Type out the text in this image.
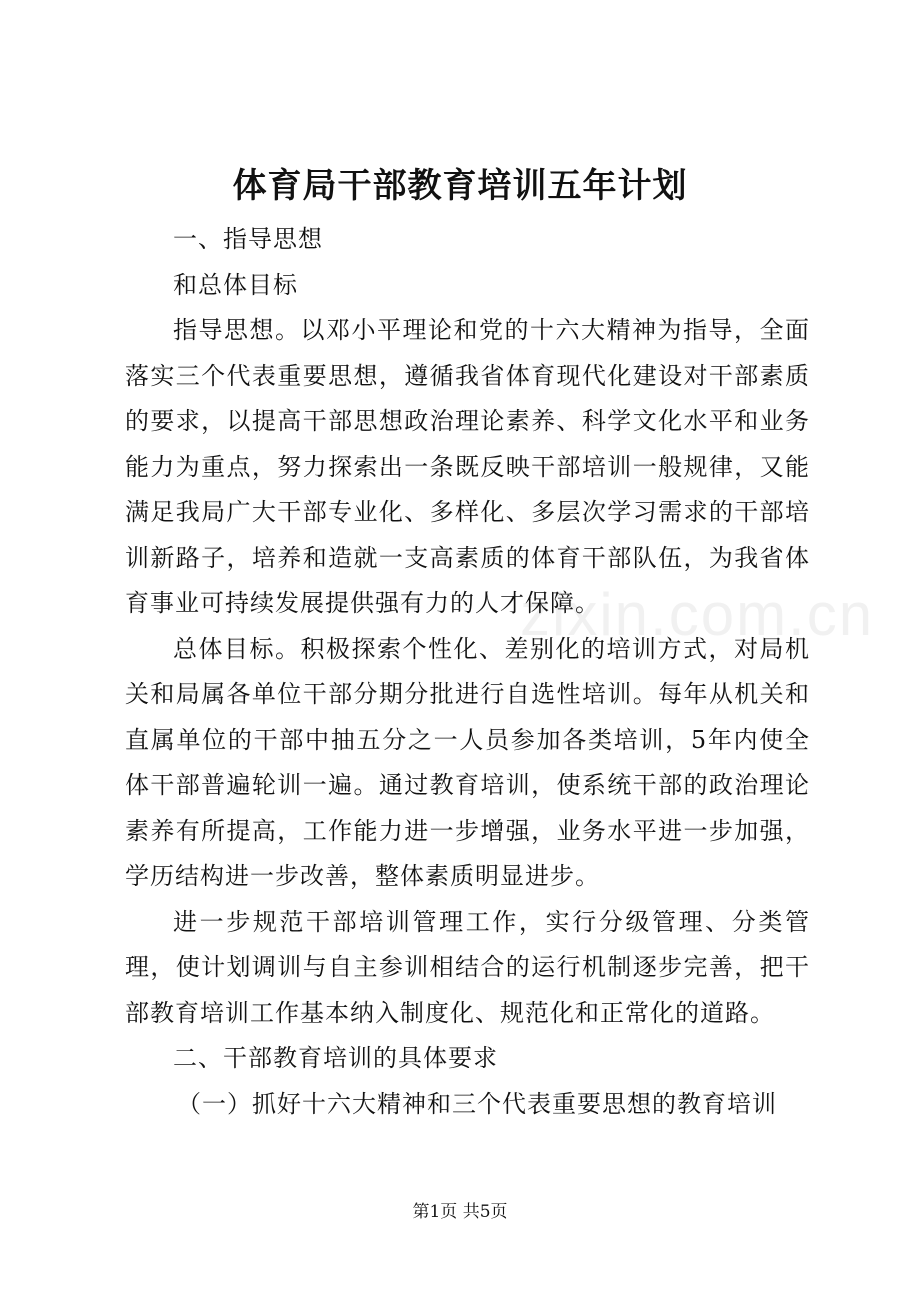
zixin.com.cn
体育局干部教育培训五年计划

一、指导思想

和总体目标

指导思想。以邓小平理论和党的十六大精神为指导，全面落实三个代表重要思想，遵循我省体育现代化建设对干部素质的要求，以提高干部思想政治理论素养、科学文化水平和业务能力为重点，努力探索出一条既反映干部培训一般规律，又能满足我局广大干部专业化、多样化、多层次学习需求的干部培训新路子，培养和造就一支高素质的体育干部队伍，为我省体育事业可持续发展提供强有力的人才保障。

总体目标。积极探索个性化、差别化的培训方式，对局机关和局属各单位干部分期分批进行自选性培训。每年从机关和直属单位的干部中抽五分之一人员参加各类培训，5年内使全体干部普遍轮训一遍。通过教育培训，使系统干部的政治理论素养有所提高，工作能力进一步增强，业务水平进一步加强，学历结构进一步改善，整体素质明显进步。

进一步规范干部培训管理工作，实行分级管理、分类管理，使计划调训与自主参训相结合的运行机制逐步完善，把干部教育培训工作基本纳入制度化、规范化和正常化的道路。

二、干部教育培训的具体要求

（一）抓好十六大精神和三个代表重要思想的教育培训

第1页 共5页
